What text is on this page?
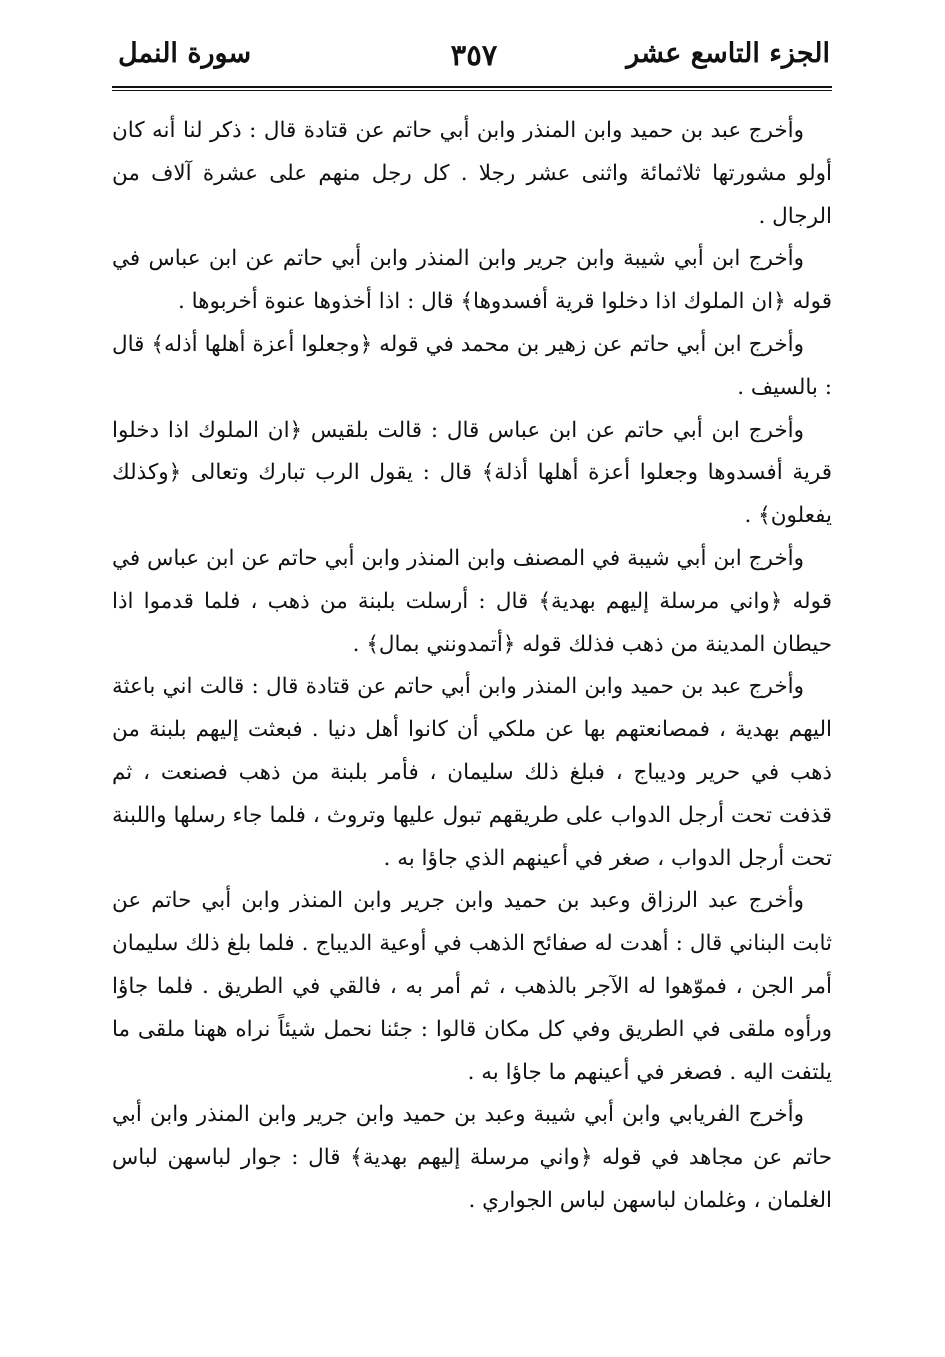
الجزء التاسع عشر
٣٥٧
سورة النمل

وأخرج عبد بن حميد وابن المنذر وابن أبي حاتم عن قتادة قال : ذكر لنا أنه كان أولو مشورتها ثلاثمائة واثنى عشر رجلا . كل رجل منهم على عشرة آلاف من الرجال .

وأخرج ابن أبي شيبة وابن جرير وابن المنذر وابن أبي حاتم عن ابن عباس في قوله ﴿ان الملوك اذا دخلوا قرية أفسدوها﴾ قال : اذا أخذوها عنوة أخربوها .

وأخرج ابن أبي حاتم عن زهير بن محمد في قوله ﴿وجعلوا أعزة أهلها أذله﴾ قال : بالسيف .

وأخرج ابن أبي حاتم عن ابن عباس قال : قالت بلقيس ﴿ان الملوك اذا دخلوا قرية أفسدوها وجعلوا أعزة أهلها أذلة﴾ قال : يقول الرب تبارك وتعالى ﴿وكذلك يفعلون﴾ .

وأخرج ابن أبي شيبة في المصنف وابن المنذر وابن أبي حاتم عن ابن عباس في قوله ﴿واني مرسلة إليهم بهدية﴾ قال : أرسلت بلبنة من ذهب ، فلما قدموا اذا حيطان المدينة من ذهب فذلك قوله ﴿أتمدونني بمال﴾ .

وأخرج عبد بن حميد وابن المنذر وابن أبي حاتم عن قتادة قال : قالت اني باعثة اليهم بهدية ، فمصانعتهم بها عن ملكي أن كانوا أهل دنيا . فبعثت إليهم بلبنة من ذهب في حرير وديباج ، فبلغ ذلك سليمان ، فأمر بلبنة من ذهب فصنعت ، ثم قذفت تحت أرجل الدواب على طريقهم تبول عليها وتروث ، فلما جاء رسلها واللبنة تحت أرجل الدواب ، صغر في أعينهم الذي جاؤا به .

وأخرج عبد الرزاق وعبد بن حميد وابن جرير وابن المنذر وابن أبي حاتم عن ثابت البناني قال : أهدت له صفائح الذهب في أوعية الديباج . فلما بلغ ذلك سليمان أمر الجن ، فموّهوا له الآجر بالذهب ، ثم أمر به ، فالقي في الطريق . فلما جاؤا ورأوه ملقى في الطريق وفي كل مكان قالوا : جئنا نحمل شيئاً نراه ههنا ملقى ما يلتفت اليه . فصغر في أعينهم ما جاؤا به .

وأخرج الفريابي وابن أبي شيبة وعبد بن حميد وابن جرير وابن المنذر وابن أبي حاتم عن مجاهد في قوله ﴿واني مرسلة إليهم بهدية﴾ قال : جوار لباسهن لباس الغلمان ، وغلمان لباسهن لباس الجواري .
